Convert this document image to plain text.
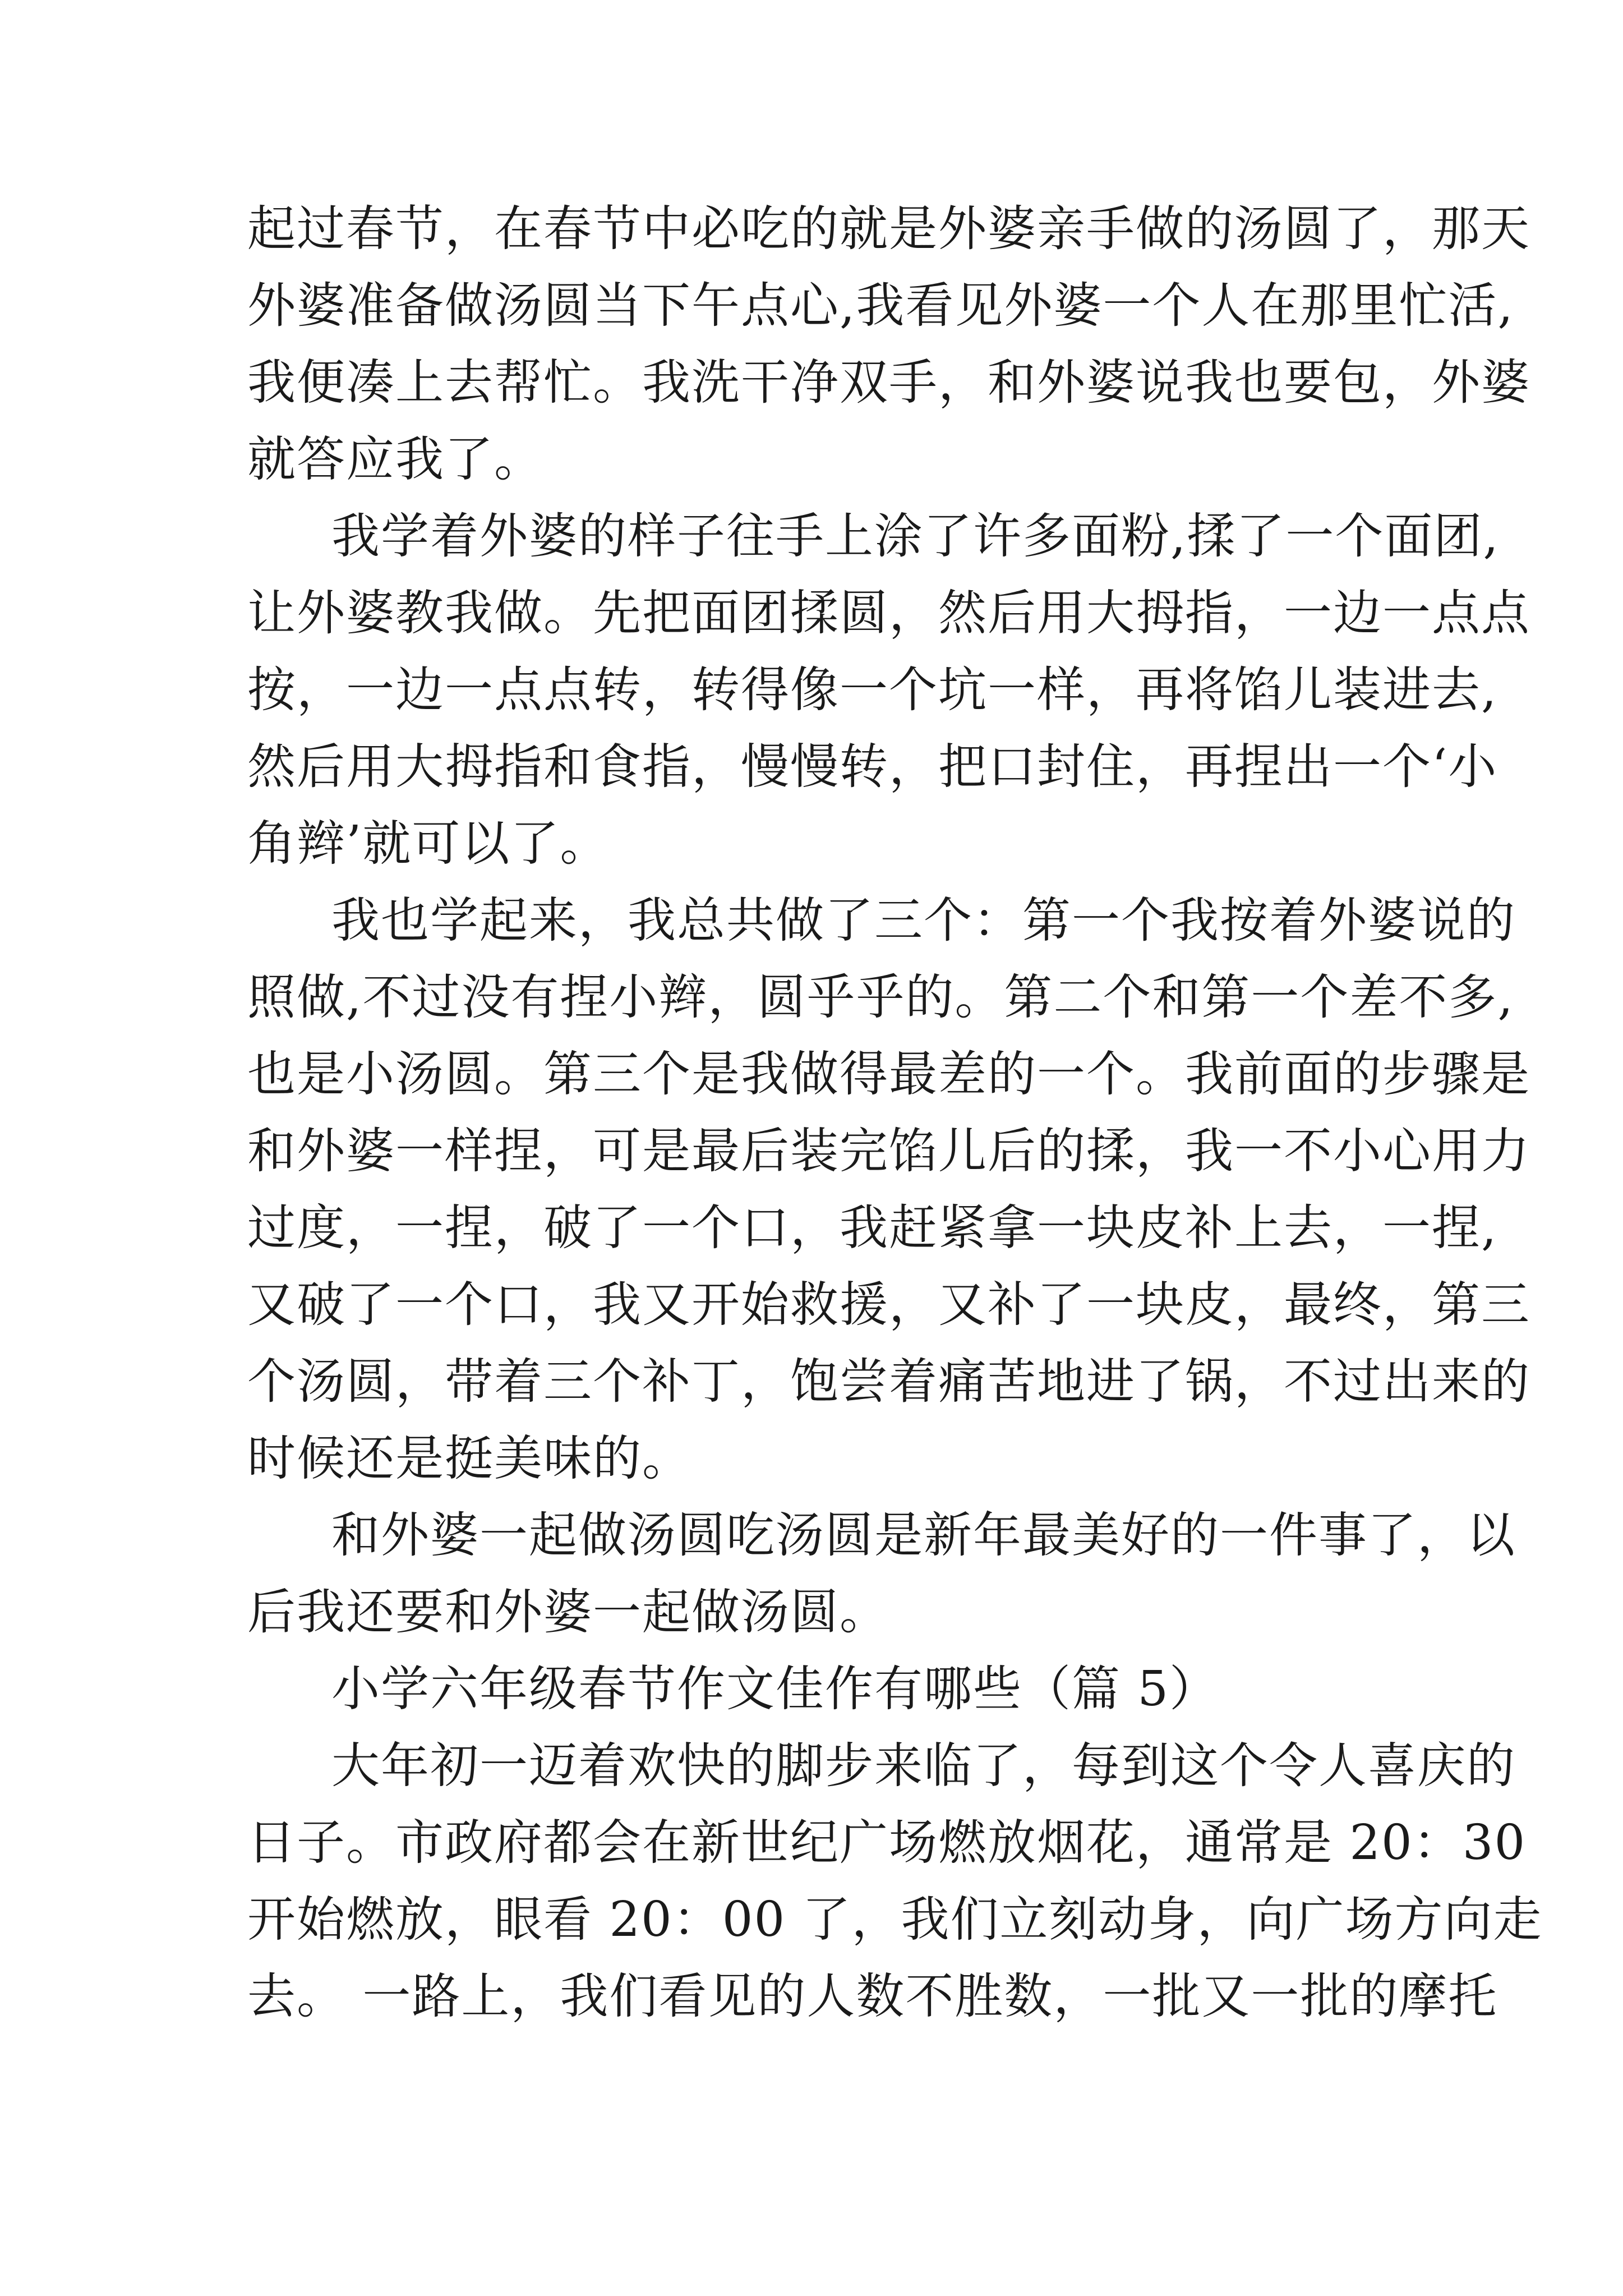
起过春节，在春节中必吃的就是外婆亲手做的汤圆了，那天
外婆准备做汤圆当下午点心,我看见外婆一个人在那里忙活,
我便凑上去帮忙。我洗干净双手，和外婆说我也要包，外婆
就答应我了。
我学着外婆的样子往手上涂了许多面粉,揉了一个面团,
让外婆教我做。先把面团揉圆，然后用大拇指，一边一点点
按，一边一点点转，转得像一个坑一样，再将馅儿装进去,
然后用大拇指和食指，慢慢转，把口封住，再捏出一个‘小
角辫’就可以了。
我也学起来，我总共做了三个：第一个我按着外婆说的
照做,不过没有捏小辫，圆乎乎的。第二个和第一个差不多,
也是小汤圆。第三个是我做得最差的一个。我前面的步骤是
和外婆一样捏，可是最后装完馅儿后的揉，我一不小心用力
过度，一捏，破了一个口，我赶紧拿一块皮补上去，一捏,
又破了一个口，我又开始救援，又补了一块皮，最终，第三
个汤圆，带着三个补丁，饱尝着痛苦地进了锅，不过出来的
时候还是挺美味的。
和外婆一起做汤圆吃汤圆是新年最美好的一件事了，以
后我还要和外婆一起做汤圆。
小学六年级春节作文佳作有哪些（篇 5）
大年初一迈着欢快的脚步来临了，每到这个令人喜庆的
日子。市政府都会在新世纪广场燃放烟花，通常是 20：30
开始燃放，眼看 20：00 了，我们立刻动身，向广场方向走
去。 一路上，我们看见的人数不胜数，一批又一批的摩托
